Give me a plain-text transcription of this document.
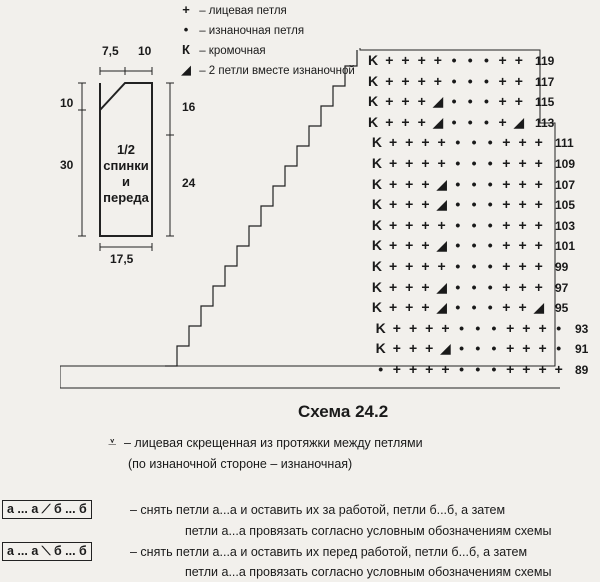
+ – лицевая петля
• – изнаночная петля
К – кромочная
◢ – 2 петли вместе изнаночной
7,5 10
10
30
16
24
17,5
1/2
спинки
и
переда
K + + + + • • • + +
K + + + + • • • + +
K + + + ◢ • • • + +
K + + + ◢ • • • + ◢
K + + + + • • • + + +
K + + + + • • • + + +
K + + + ◢ • • • + + +
K + + + ◢ • • • + + +
K + + + + • • • + + +
K + + + ◢ • • • + + +
K + + + + • • • + + +
K + + + ◢ • • • + + +
K + + + ◢ • • • + + ◢
K + + + + • • • + + + •
K + + + ◢ • • • + + + •
• + + + + • • • + + + +
119
117
115
113
111
109
107
105
103
101
99
97
95
93
91
89
Схема 24.2
⩡ – лицевая скрещенная из протяжки между петлями
(по изнаночной стороне – изнаночная)
а ... а ⟋ б ... б	– снять петли а...а и оставить их за работой, петли б...б, а затем
петли а...а провязать согласно условным обозначениям схемы
а ... а ⟍ б ... б	– снять петли а...а и оставить их перед работой, петли б...б, а затем
петли а...а провязать согласно условным обозначениям схемы
